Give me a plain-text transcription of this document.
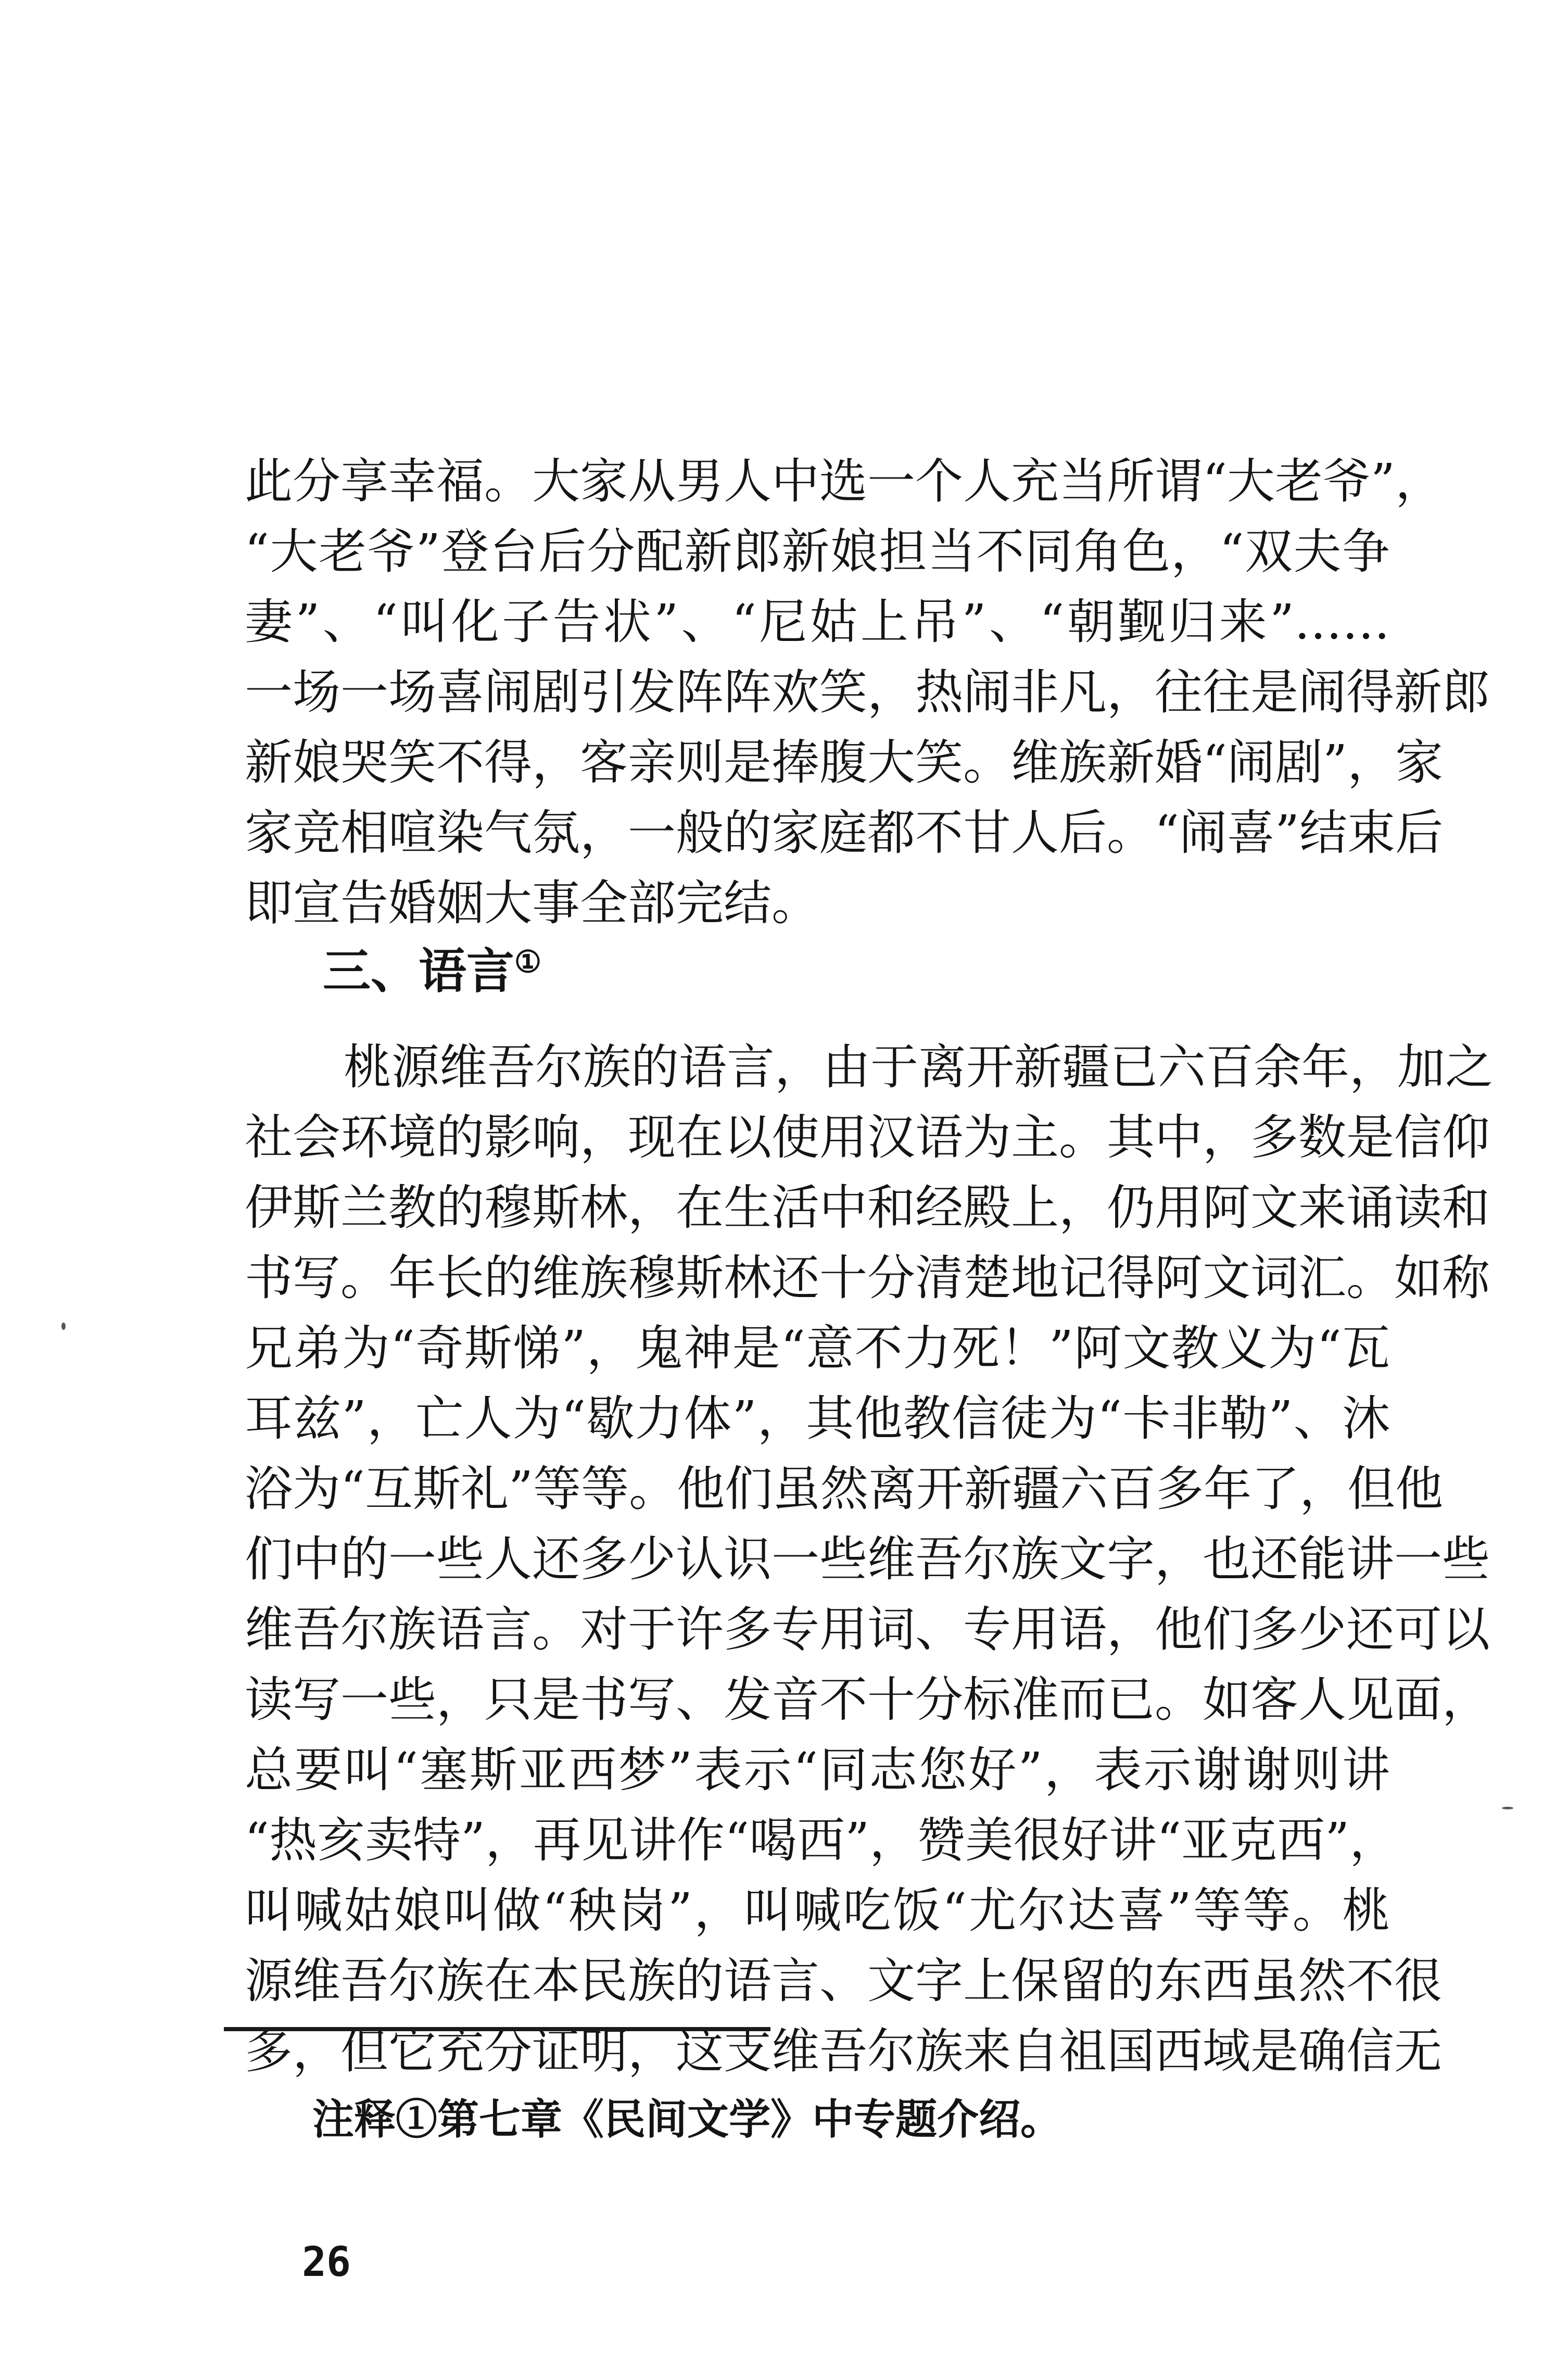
此分享幸福。大家从男人中选一个人充当所谓“大老爷”，
“大老爷”登台后分配新郎新娘担当不同角色，“双夫争
妻”、“叫化子告状”、“尼姑上吊”、“朝觐归来”……
一场一场喜闹剧引发阵阵欢笑，热闹非凡，往往是闹得新郎
新娘哭笑不得，客亲则是捧腹大笑。维族新婚“闹剧”，家
家竞相喧染气氛，一般的家庭都不甘人后。“闹喜”结束后
即宣告婚姻大事全部完结。
三、语言①
桃源维吾尔族的语言，由于离开新疆已六百余年，加之
社会环境的影响，现在以使用汉语为主。其中，多数是信仰
伊斯兰教的穆斯林，在生活中和经殿上，仍用阿文来诵读和
书写。年长的维族穆斯林还十分清楚地记得阿文词汇。如称
兄弟为“奇斯悌”，鬼神是“意不力死！”阿文教义为“瓦
耳兹”，亡人为“歇力体”，其他教信徒为“卡非勒”、沐
浴为“互斯礼”等等。他们虽然离开新疆六百多年了，但他
们中的一些人还多少认识一些维吾尔族文字，也还能讲一些
维吾尔族语言。对于许多专用词、专用语，他们多少还可以
读写一些，只是书写、发音不十分标准而已。如客人见面，
总要叫“塞斯亚西梦”表示“同志您好”，表示谢谢则讲
“热亥卖特”，再见讲作“喝西”，赞美很好讲“亚克西”，
叫喊姑娘叫做“秧岗”，叫喊吃饭“尤尔达喜”等等。桃
源维吾尔族在本民族的语言、文字上保留的东西虽然不很
多，但它充分证明，这支维吾尔族来自祖国西域是确信无
注释①第七章《民间文学》中专题介绍。
26
